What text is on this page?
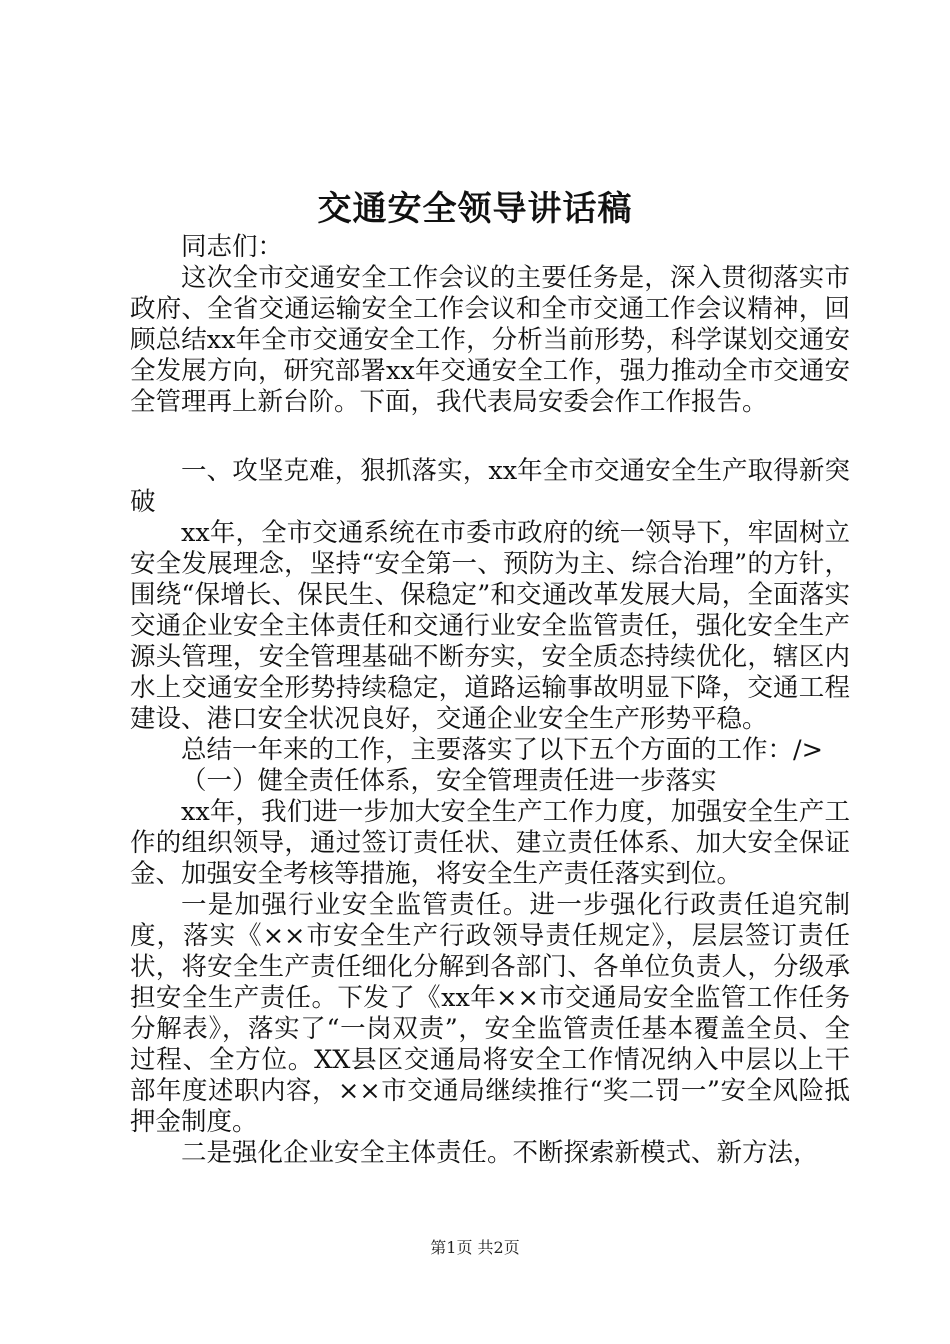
交通安全领导讲话稿

同志们：

这次全市交通安全工作会议的主要任务是，深入贯彻落实市政府、全省交通运输安全工作会议和全市交通工作会议精神，回顾总结xx年全市交通安全工作，分析当前形势，科学谋划交通安全发展方向，研究部署xx年交通安全工作，强力推动全市交通安全管理再上新台阶。下面，我代表局安委会作工作报告。

一、攻坚克难，狠抓落实，xx年全市交通安全生产取得新突破

xx年，全市交通系统在市委市政府的统一领导下，牢固树立安全发展理念，坚持“安全第一、预防为主、综合治理”的方针，围绕“保增长、保民生、保稳定”和交通改革发展大局，全面落实交通企业安全主体责任和交通行业安全监管责任，强化安全生产源头管理，安全管理基础不断夯实，安全质态持续优化，辖区内水上交通安全形势持续稳定，道路运输事故明显下降，交通工程建设、港口安全状况良好，交通企业安全生产形势平稳。

总结一年来的工作，主要落实了以下五个方面的工作：/>

（一）健全责任体系，安全管理责任进一步落实

xx年，我们进一步加大安全生产工作力度，加强安全生产工作的组织领导，通过签订责任状、建立责任体系、加大安全保证金、加强安全考核等措施，将安全生产责任落实到位。

一是加强行业安全监管责任。进一步强化行政责任追究制度，落实《××市安全生产行政领导责任规定》，层层签订责任状，将安全生产责任细化分解到各部门、各单位负责人，分级承担安全生产责任。下发了《xx年××市交通局安全监管工作任务分解表》，落实了“一岗双责”，安全监管责任基本覆盖全员、全过程、全方位。XX县区交通局将安全工作情况纳入中层以上干部年度述职内容，××市交通局继续推行“奖二罚一”安全风险抵押金制度。

二是强化企业安全主体责任。不断探索新模式、新方法，

第1页 共2页
